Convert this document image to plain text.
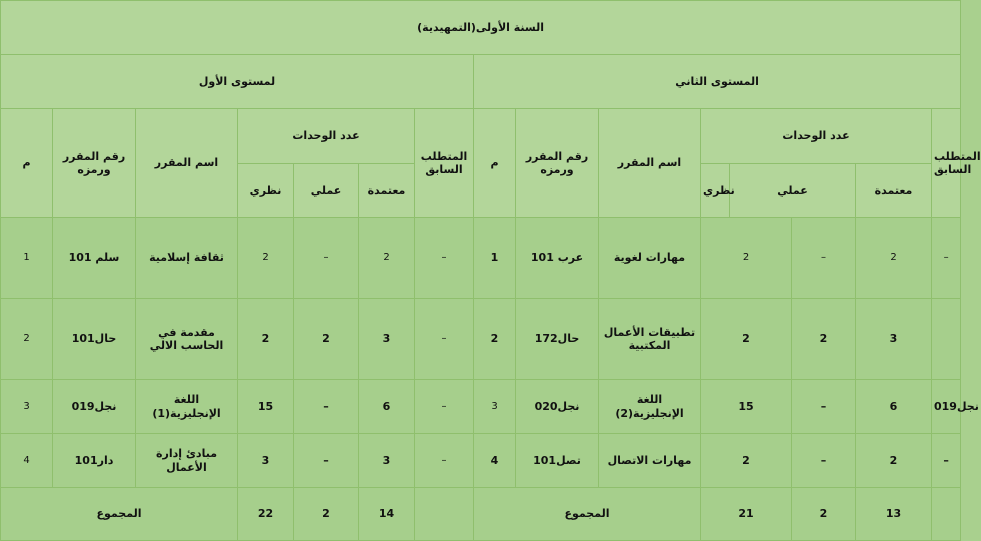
السنة الأولى(التمهيدية)														
لمستوى الأول							المستوى الثاني							
م	رقم المقرر ورمزه	اسم المقرر	عدد الوحدات			المتطلب السابق	م	رقم المقرر ورمزه	اسم المقرر	عدد الوحدات				المتطلب السابق
			نظري	عملي	معتمدة					نظري	عملي		معتمدة	
1	101 سلم	ثقافة إسلامية	2	–	2	–	1	101 عرب	مهارات لغوية	2		–	2	–
2	101حال	مقدمة في الحاسب الالي	2	2	3	–	2	172حال	تطبيقات الأعمال المكتبية	2		2	3	
3	019نجل	اللغة الإنجليزية(1)	15	–	6	–	3	020نجل	اللغة الإنجليزية(2)	15		–	6	019نجل
4	101دار	مبادئ إدارة الأعمال	3	–	3	–	4	101تصل	مهارات الاتصال	2		–	2	–
المجموع			22	2	14		المجموع			21		2	13	
